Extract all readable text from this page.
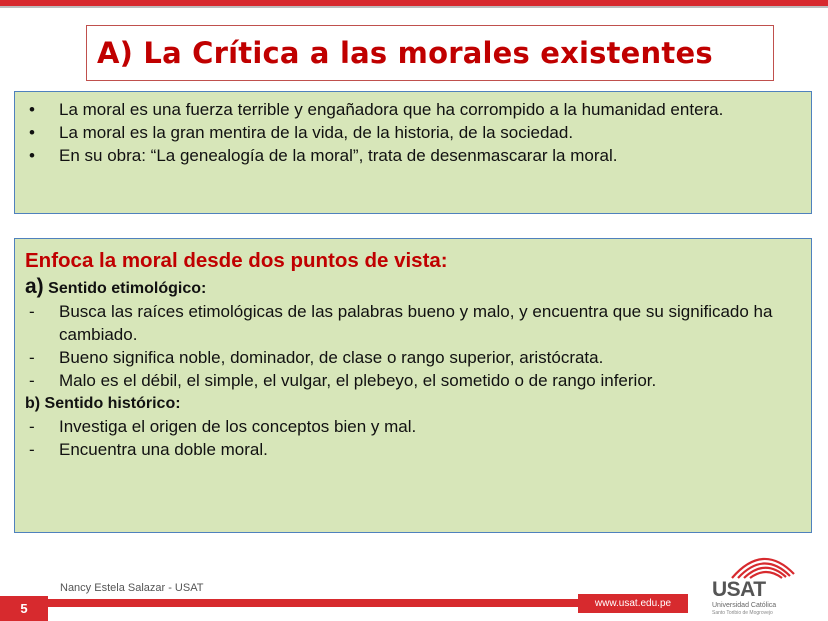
A) La Crítica a las morales existentes
•	La moral es una fuerza terrible y engañadora que ha corrompido a la humanidad entera.
•	La moral es la gran mentira de la vida, de la historia, de la sociedad.
•	En su obra: “La genealogía de la moral”, trata de desenmascarar la moral.
Enfoca la moral desde dos puntos de vista:
a) Sentido etimológico:
-	Busca las raíces etimológicas de las palabras bueno y malo, y encuentra que su significado ha cambiado.
-	Bueno significa noble, dominador, de clase o rango superior, aristócrata.
-	Malo es el débil, el simple, el vulgar, el plebeyo, el sometido o de rango inferior.
b) Sentido histórico:
-	Investiga el origen de los conceptos bien y mal.
-	Encuentra una doble moral.
Nancy Estela Salazar - USAT
5	www.usat.edu.pe
USAT
Universidad Católica
Santo Toribio de Mogrovejo
